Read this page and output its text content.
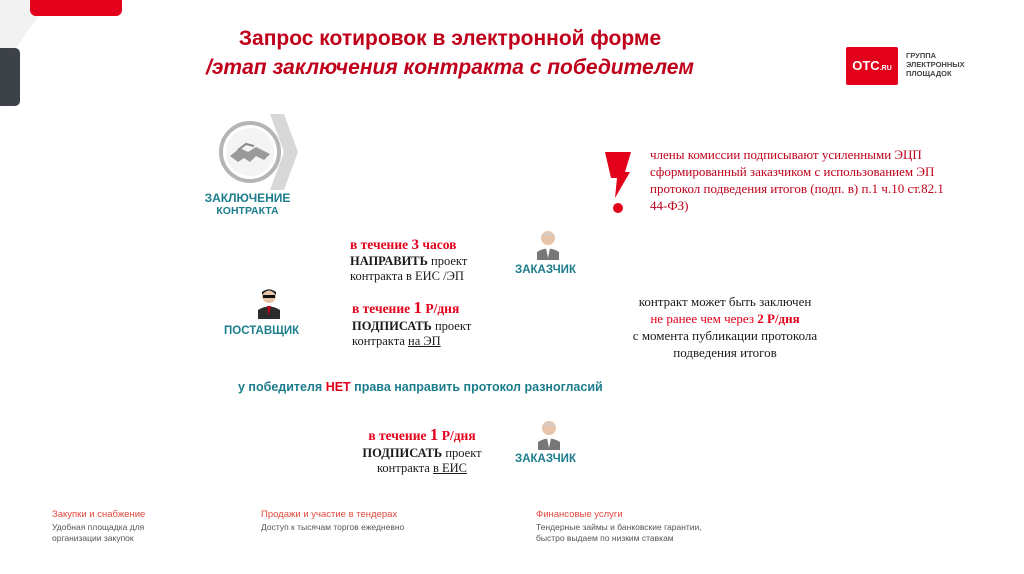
Запрос котировок в электронной форме
/этап заключения контракта с победителем	ОТС.RU
ГРУППА
ЭЛЕКТРОННЫХ
ПЛОЩАДОК
ЗАКЛЮЧЕНИЕ
КОНТРАКТА
члены комиссии подписывают усиленными ЭЦП
сформированный заказчиком с использованием ЭП
протокол подведения итогов (подп. в) п.1 ч.10 ст.82.1
44-ФЗ)
в течение 3 часов
НАПРАВИТЬ проект
контракта в ЕИС /ЭП	ЗАКАЗЧИК
ПОСТАВЩИК
в течение 1 Р/дня
ПОДПИСАТЬ проект
контракта на ЭП
контракт может быть заключен
не ранее чем через 2 Р/дня
с момента публикации протокола
подведения итогов
у победителя НЕТ права направить протокол разногласий
в течение 1 Р/дня
ПОДПИСАТЬ проект
контракта в ЕИС
ЗАКАЗЧИК
Закупки и снабжение
Удобная площадка для
организации закупок
Продажи и участие в тендерах
Доступ к тысячам торгов ежедневно
Финансовые услуги
Тендерные займы и банковские гарантии,
быстро выдаем по низким ставкам
